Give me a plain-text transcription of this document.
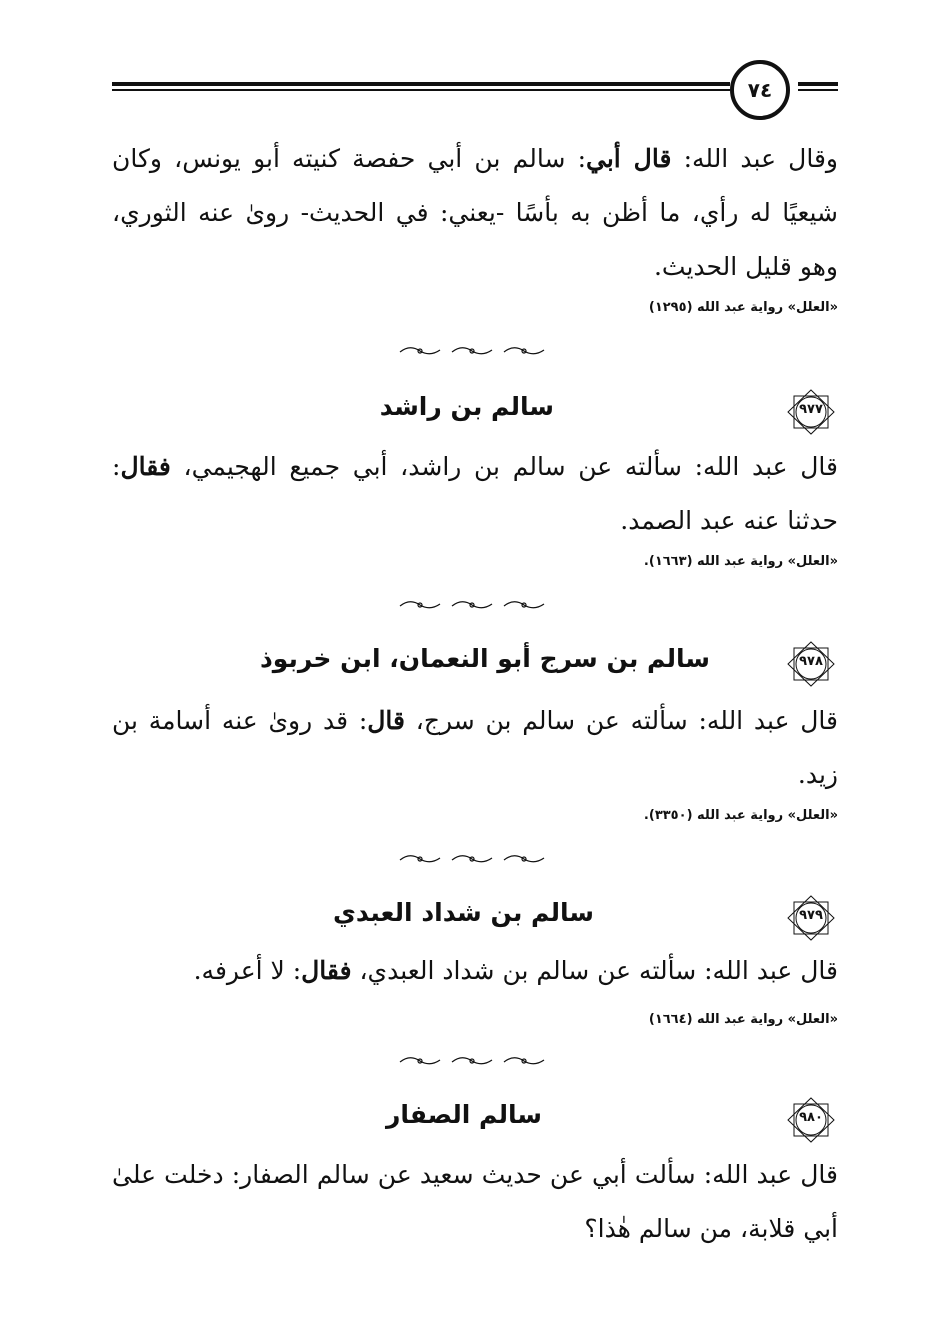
٧٤
وقال عبد الله: قال أبي: سالم بن أبي حفصة كنيته أبو يونس، وكان شيعيًا له رأي، ما أظن به بأسًا -يعني: في الحديث- روىٰ عنه الثوري، وهو قليل الحديث.
«العلل» رواية عبد الله (١٢٩٥)
٩٧٧
سالم بن راشد
قال عبد الله: سألته عن سالم بن راشد، أبي جميع الهجيمي، فقال: حدثنا عنه عبد الصمد.
«العلل» رواية عبد الله (١٦٦٣).
٩٧٨
سالم بن سرج أبو النعمان، ابن خربوذ
قال عبد الله: سألته عن سالم بن سرج، قال: قد روىٰ عنه أسامة بن زيد.
«العلل» رواية عبد الله (٣٣٥٠).
٩٧٩
سالم بن شداد العبدي
قال عبد الله: سألته عن سالم بن شداد العبدي، فقال: لا أعرفه.
«العلل» رواية عبد الله (١٦٦٤)
٩٨٠
سالم الصفار
قال عبد الله: سألت أبي عن حديث سعيد عن سالم الصفار: دخلت علىٰ أبي قلابة، من سالم هٰذا؟
